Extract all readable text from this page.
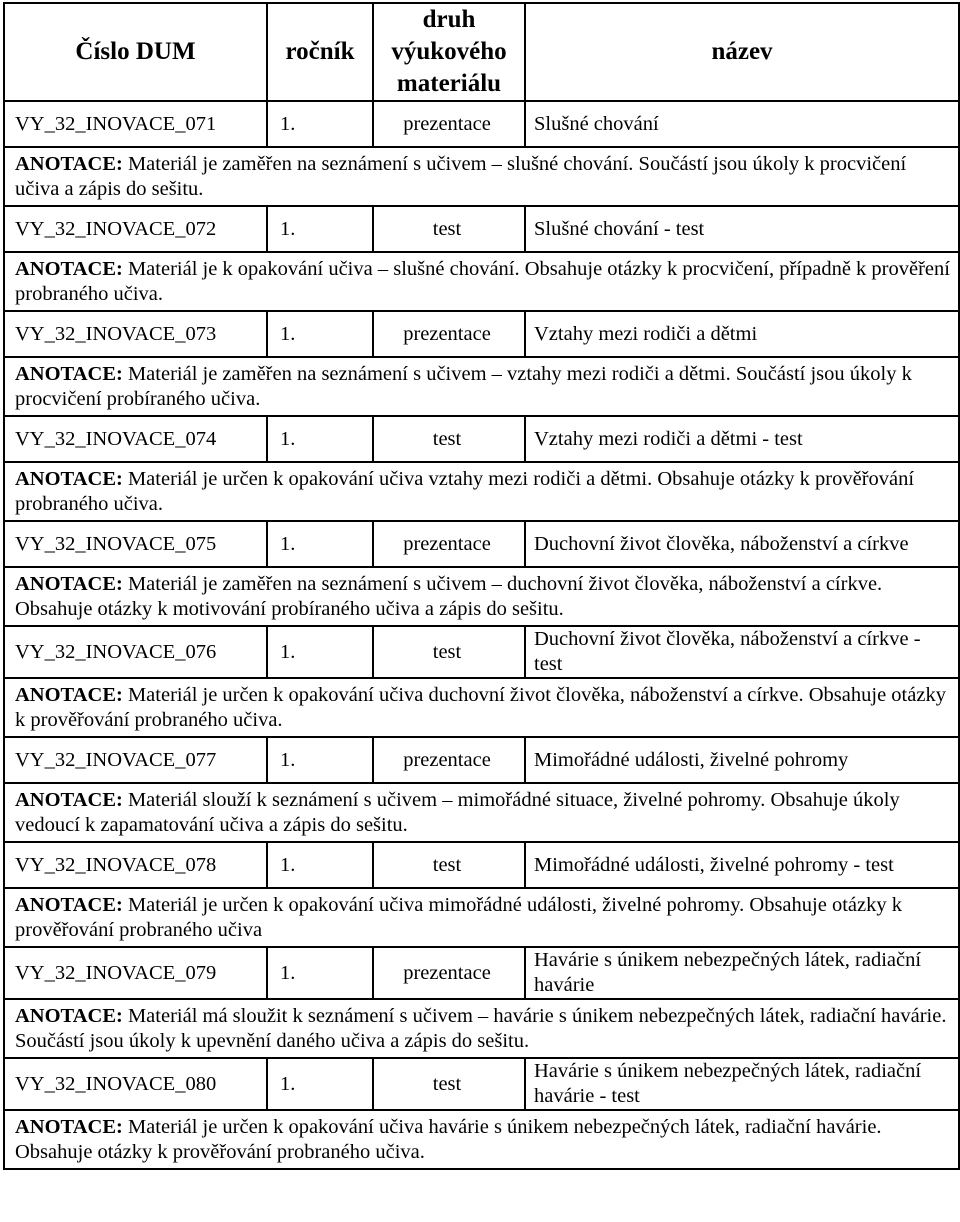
Číslo DUM	ročník	druh výukového materiálu	název
VY_32_INOVACE_071	1.	prezentace	Slušné chování
ANOTACE: Materiál je zaměřen na seznámení s učivem – slušné chování. Součástí jsou úkoly k procvičení učiva a zápis do sešitu.			
VY_32_INOVACE_072	1.	test	Slušné chování - test
ANOTACE: Materiál je k opakování učiva – slušné chování. Obsahuje otázky k procvičení, případně k prověření probraného učiva.			
VY_32_INOVACE_073	1.	prezentace	Vztahy mezi rodiči a dětmi
ANOTACE: Materiál je zaměřen na seznámení s učivem – vztahy mezi rodiči a dětmi. Součástí jsou úkoly k procvičení probíraného učiva.			
VY_32_INOVACE_074	1.	test	Vztahy mezi rodiči a dětmi - test
ANOTACE: Materiál je určen k opakování učiva vztahy mezi rodiči a dětmi. Obsahuje otázky k prověřování probraného učiva.			
VY_32_INOVACE_075	1.	prezentace	Duchovní život člověka, náboženství a církve
ANOTACE: Materiál je zaměřen na seznámení s učivem – duchovní život člověka, náboženství a církve. Obsahuje otázky k motivování probíraného učiva a zápis do sešitu.			
VY_32_INOVACE_076	1.	test	Duchovní život člověka, náboženství a církve - test
ANOTACE: Materiál je určen k opakování učiva duchovní život člověka, náboženství a církve. Obsahuje otázky k prověřování probraného učiva.			
VY_32_INOVACE_077	1.	prezentace	Mimořádné události, živelné pohromy
ANOTACE: Materiál slouží k seznámení s učivem – mimořádné situace, živelné pohromy. Obsahuje úkoly vedoucí k zapamatování učiva a zápis do sešitu.			
VY_32_INOVACE_078	1.	test	Mimořádné události, živelné pohromy - test
ANOTACE: Materiál je určen k opakování učiva mimořádné události, živelné pohromy. Obsahuje otázky k prověřování probraného učiva			
VY_32_INOVACE_079	1.	prezentace	Havárie s únikem nebezpečných látek, radiační havárie
ANOTACE: Materiál má sloužit k seznámení s učivem – havárie s únikem nebezpečných látek, radiační havárie. Součástí jsou úkoly k upevnění daného učiva a zápis do sešitu.			
VY_32_INOVACE_080	1.	test	Havárie s únikem nebezpečných látek, radiační havárie - test
ANOTACE: Materiál je určen k opakování učiva havárie s únikem nebezpečných látek, radiační havárie. Obsahuje otázky k prověřování probraného učiva.			
